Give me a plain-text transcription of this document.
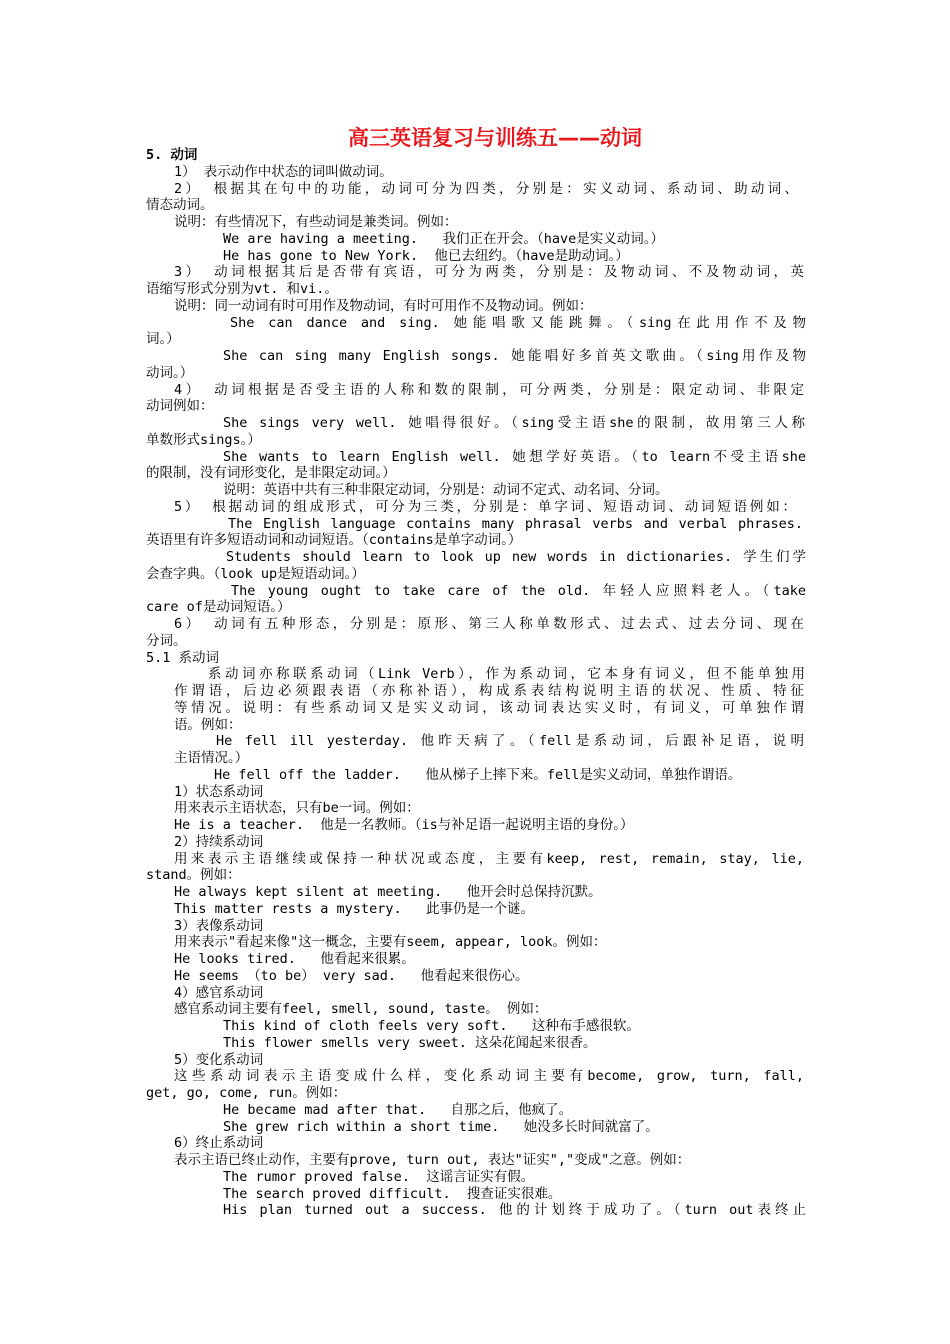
高三英语复习与训练五——动词
5. 动词
1） 表示动作中状态的词叫做动词。
2） 根据其在句中的功能，动词可分为四类，分别是：实义动词、系动词、助动词、
情态动词。
说明：有些情况下，有些动词是兼类词。例如：
We are having a meeting.   我们正在开会。（have是实义动词。）
He has gone to New York.  他已去纽约。（have是助动词。）
3） 动词根据其后是否带有宾语，可分为两类，分别是：及物动词、不及物动词，英
语缩写形式分别为vt. 和vi.。
说明：同一动词有时可用作及物动词，有时可用作不及物动词。例如：
She can dance and sing. 她能唱歌又能跳舞。（sing在此用作不及物
词。）
She can sing many English songs. 她能唱好多首英文歌曲。（sing用作及物
动词。）
4） 动词根据是否受主语的人称和数的限制，可分两类，分别是：限定动词、非限定
动词例如：
She sings very well. 她唱得很好。（sing受主语she的限制，故用第三人称
单数形式sings。）
She wants to learn English well. 她想学好英语。（to learn不受主语she
的限制，没有词形变化，是非限定动词。）
说明：英语中共有三种非限定动词，分别是：动词不定式、动名词、分词。
5） 根据动词的组成形式，可分为三类，分别是：单字词、短语动词、动词短语例如：
The English language contains many phrasal verbs and verbal phrases.
英语里有许多短语动词和动词短语。（contains是单字动词。）
Students should learn to look up new words in dictionaries. 学生们学
会查字典。（look up是短语动词。）
The young ought to take care of the old. 年轻人应照料老人。（take
care of是动词短语。）
6） 动词有五种形态，分别是：原形、第三人称单数形式、过去式、过去分词、现在
分词。
5.1 系动词
系动词亦称联系动词（Link Verb），作为系动词，它本身有词义，但不能单独用
作谓语，后边必须跟表语（亦称补语），构成系表结构说明主语的状况、性质、特征
等情况。说明：有些系动词又是实义动词，该动词表达实义时，有词义，可单独作谓
语。例如：
He fell ill yesterday. 他昨天病了。（fell是系动词，后跟补足语，说明
主语情况。）
He fell off the ladder.   他从梯子上摔下来。fell是实义动词，单独作谓语。
1）状态系动词
用来表示主语状态，只有be一词。例如：
He is a teacher.  他是一名教师。（is与补足语一起说明主语的身份。）
2）持续系动词
用来表示主语继续或保持一种状况或态度，主要有keep, rest, remain, stay, lie,
stand。例如：
He always kept silent at meeting.   他开会时总保持沉默。
This matter rests a mystery.   此事仍是一个谜。
3）表像系动词
用来表示"看起来像"这一概念，主要有seem, appear, look。例如：
He looks tired.   他看起来很累。
He seems （to be） very sad.   他看起来很伤心。
4）感官系动词
感官系动词主要有feel, smell, sound, taste。 例如：
This kind of cloth feels very soft.   这种布手感很软。
This flower smells very sweet. 这朵花闻起来很香。
5）变化系动词
这些系动词表示主语变成什么样，变化系动词主要有become, grow, turn, fall,
get, go, come, run。例如：
He became mad after that.   自那之后，他疯了。
She grew rich within a short time.   她没多长时间就富了。
6）终止系动词
表示主语已终止动作，主要有prove, turn out, 表达"证实","变成"之意。例如：
The rumor proved false.  这谣言证实有假。
The search proved difficult.  搜查证实很难。
His plan turned out a success. 他的计划终于成功了。（turn out表终止
